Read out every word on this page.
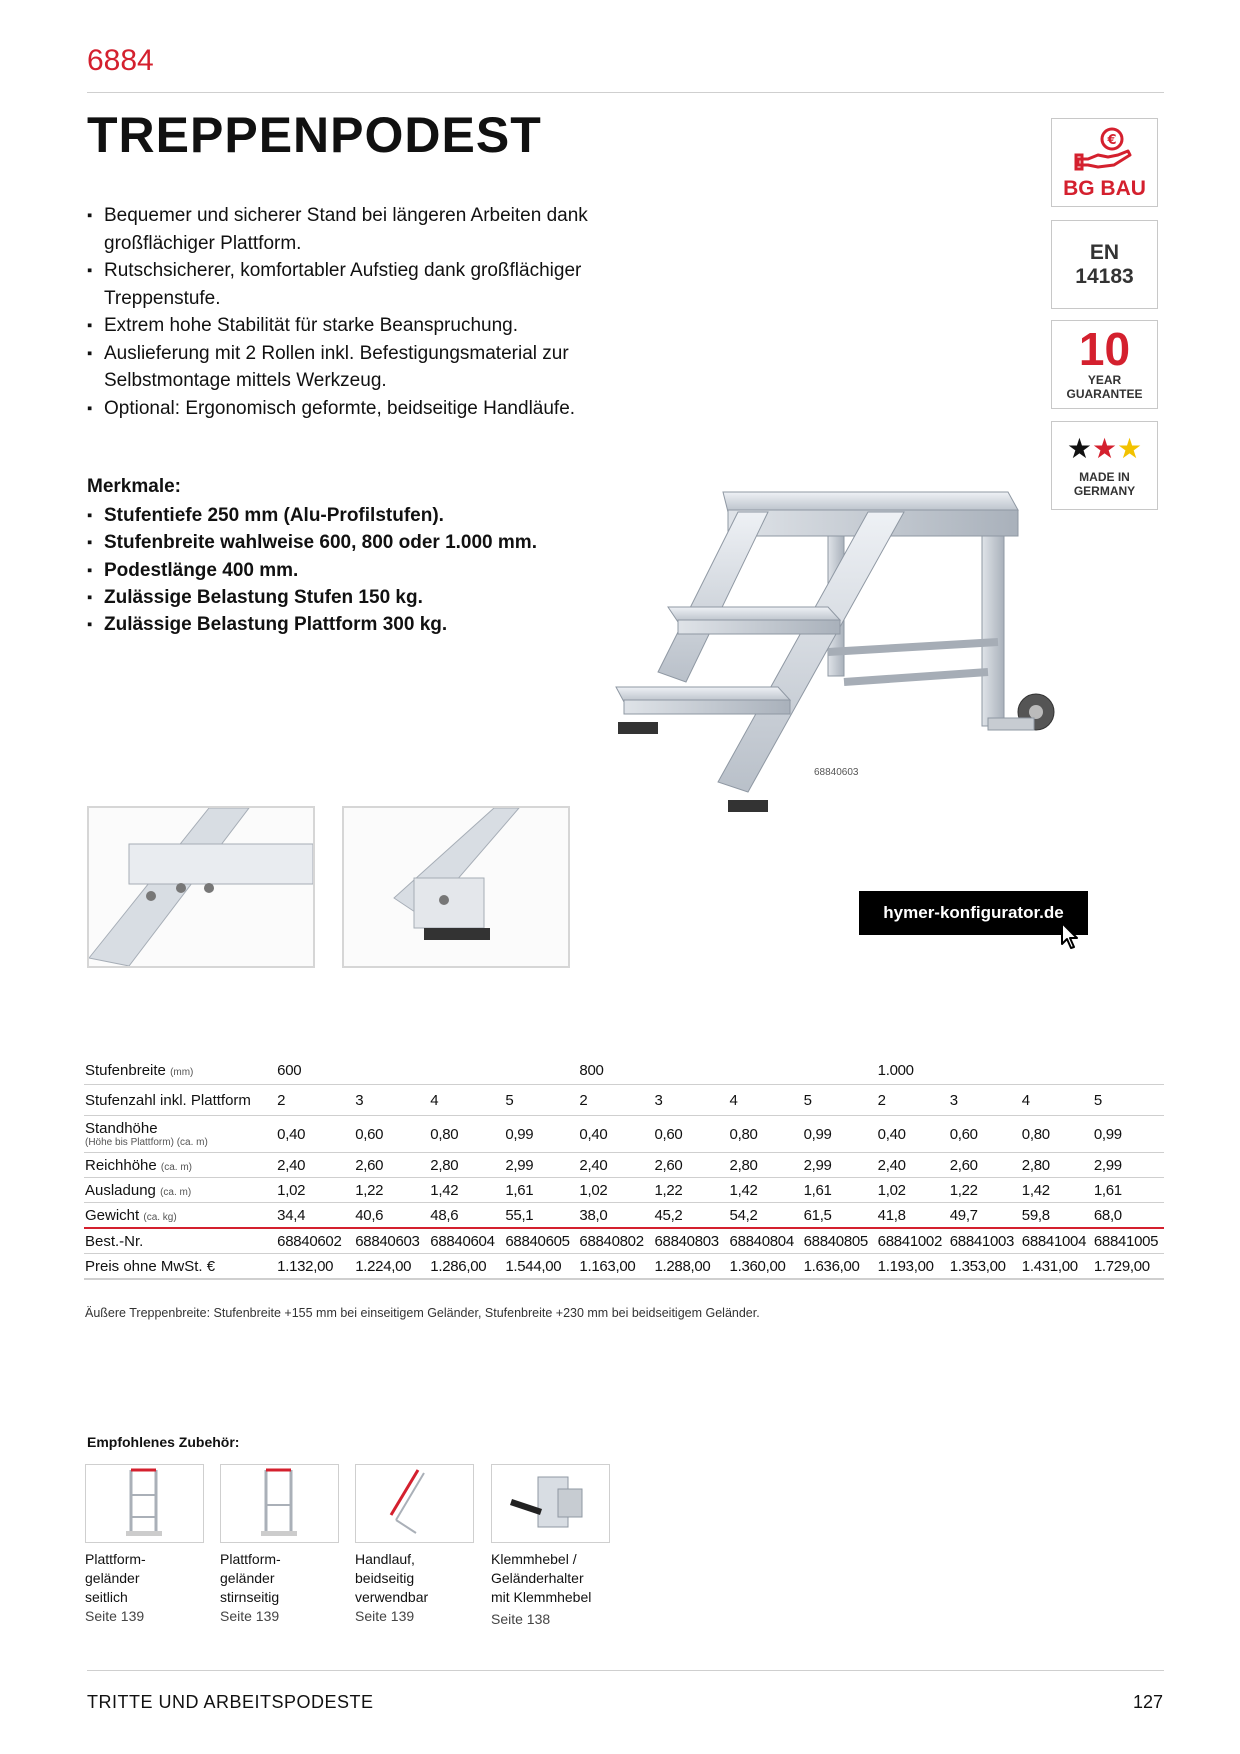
6884
TREPPENPODEST
▪ Bequemer und sicherer Stand bei längeren Arbeiten dank großflächiger Plattform.
▪ Rutschsicherer, komfortabler Aufstieg dank großflächiger Treppenstufe.
▪ Extrem hohe Stabilität für starke Beanspruchung.
▪ Auslieferung mit 2 Rollen inkl. Befestigungsmaterial zur Selbstmontage mittels Werkzeug.
▪ Optional: Ergonomisch geformte, beidseitige Handläufe.
Merkmale:
▪ Stufentiefe 250 mm (Alu-Profilstufen).
▪ Stufenbreite wahlweise 600, 800 oder 1.000 mm.
▪ Podestlänge 400 mm.
▪ Zulässige Belastung Stufen 150 kg.
▪ Zulässige Belastung Plattform 300 kg.
€
BG BAU
EN 14183
10
YEAR
GUARANTEE
★★★
MADE IN
GERMANY
68840603
hymer-konfigurator.de
Stufenbreite (mm)	600				800				1.000			
Stufenzahl inkl. Plattform	2	3	4	5	2	3	4	5	2	3	4	5
Standhöhe
(Höhe bis Plattform) (ca. m)	0,40	0,60	0,80	0,99	0,40	0,60	0,80	0,99	0,40	0,60	0,80	0,99
Reichhöhe (ca. m)	2,40	2,60	2,80	2,99	2,40	2,60	2,80	2,99	2,40	2,60	2,80	2,99
Ausladung (ca. m)	1,02	1,22	1,42	1,61	1,02	1,22	1,42	1,61	1,02	1,22	1,42	1,61
Gewicht (ca. kg)	34,4	40,6	48,6	55,1	38,0	45,2	54,2	61,5	41,8	49,7	59,8	68,0
Best.-Nr.	68840602	68840603	68840604	68840605	68840802	68840803	68840804	68840805	68841002	68841003	68841004	68841005
Preis ohne MwSt. €	1.132,00	1.224,00	1.286,00	1.544,00	1.163,00	1.288,00	1.360,00	1.636,00	1.193,00	1.353,00	1.431,00	1.729,00
Äußere Treppenbreite: Stufenbreite +155 mm bei einseitigem Geländer, Stufenbreite +230 mm bei beidseitigem Geländer.
Empfohlenes Zubehör:
Plattform-
geländer
seitlich
Seite 139
Plattform-
geländer
stirnseitig
Seite 139
Handlauf,
beidseitig
verwendbar
Seite 139
Klemmhebel /
Geländerhalter
mit Klemmhebel
Seite 138
TRITTE UND ARBEITSPODESTE	127
